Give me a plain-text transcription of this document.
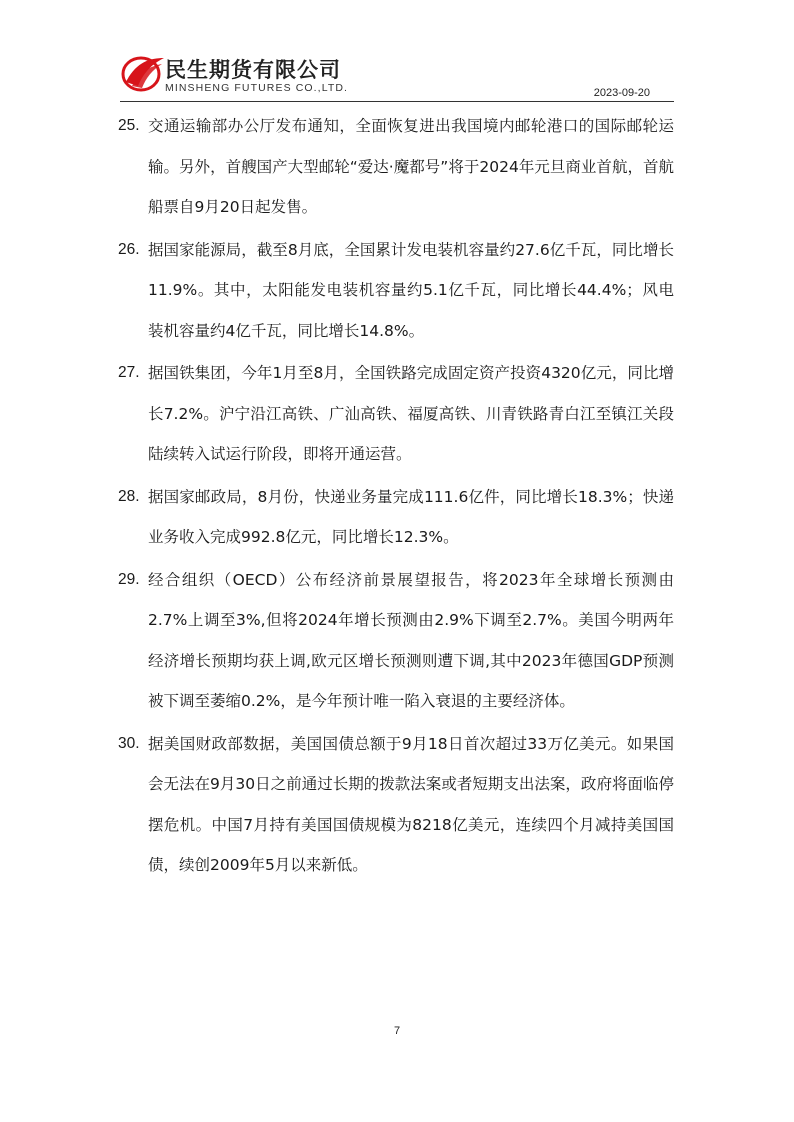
民生期货有限公司
MINSHENG FUTURES CO.,LTD.	2023-09-20
25. 交通运输部办公厅发布通知，全面恢复进出我国境内邮轮港口的国际邮轮运输。另外，首艘国产大型邮轮“爱达·魔都号”将于2024年元旦商业首航，首航船票自9月20日起发售。
26. 据国家能源局，截至8月底，全国累计发电装机容量约27.6亿千瓦，同比增长11.9%。其中，太阳能发电装机容量约5.1亿千瓦，同比增长44.4%；风电装机容量约4亿千瓦，同比增长14.8%。
27. 据国铁集团，今年1月至8月，全国铁路完成固定资产投资4320亿元，同比增长7.2%。沪宁沿江高铁、广汕高铁、福厦高铁、川青铁路青白江至镇江关段陆续转入试运行阶段，即将开通运营。
28. 据国家邮政局，8月份，快递业务量完成111.6亿件，同比增长18.3%；快递业务收入完成992.8亿元，同比增长12.3%。
29. 经合组织（OECD）公布经济前景展望报告，将2023年全球增长预测由2.7%上调至3%,但将2024年增长预测由2.9%下调至2.7%。美国今明两年经济增长预期均获上调,欧元区增长预测则遭下调,其中2023年德国GDP预测被下调至萎缩0.2%，是今年预计唯一陷入衰退的主要经济体。
30. 据美国财政部数据，美国国债总额于9月18日首次超过33万亿美元。如果国会无法在9月30日之前通过长期的拨款法案或者短期支出法案，政府将面临停摆危机。中国7月持有美国国债规模为8218亿美元，连续四个月减持美国国债，续创2009年5月以来新低。
7
